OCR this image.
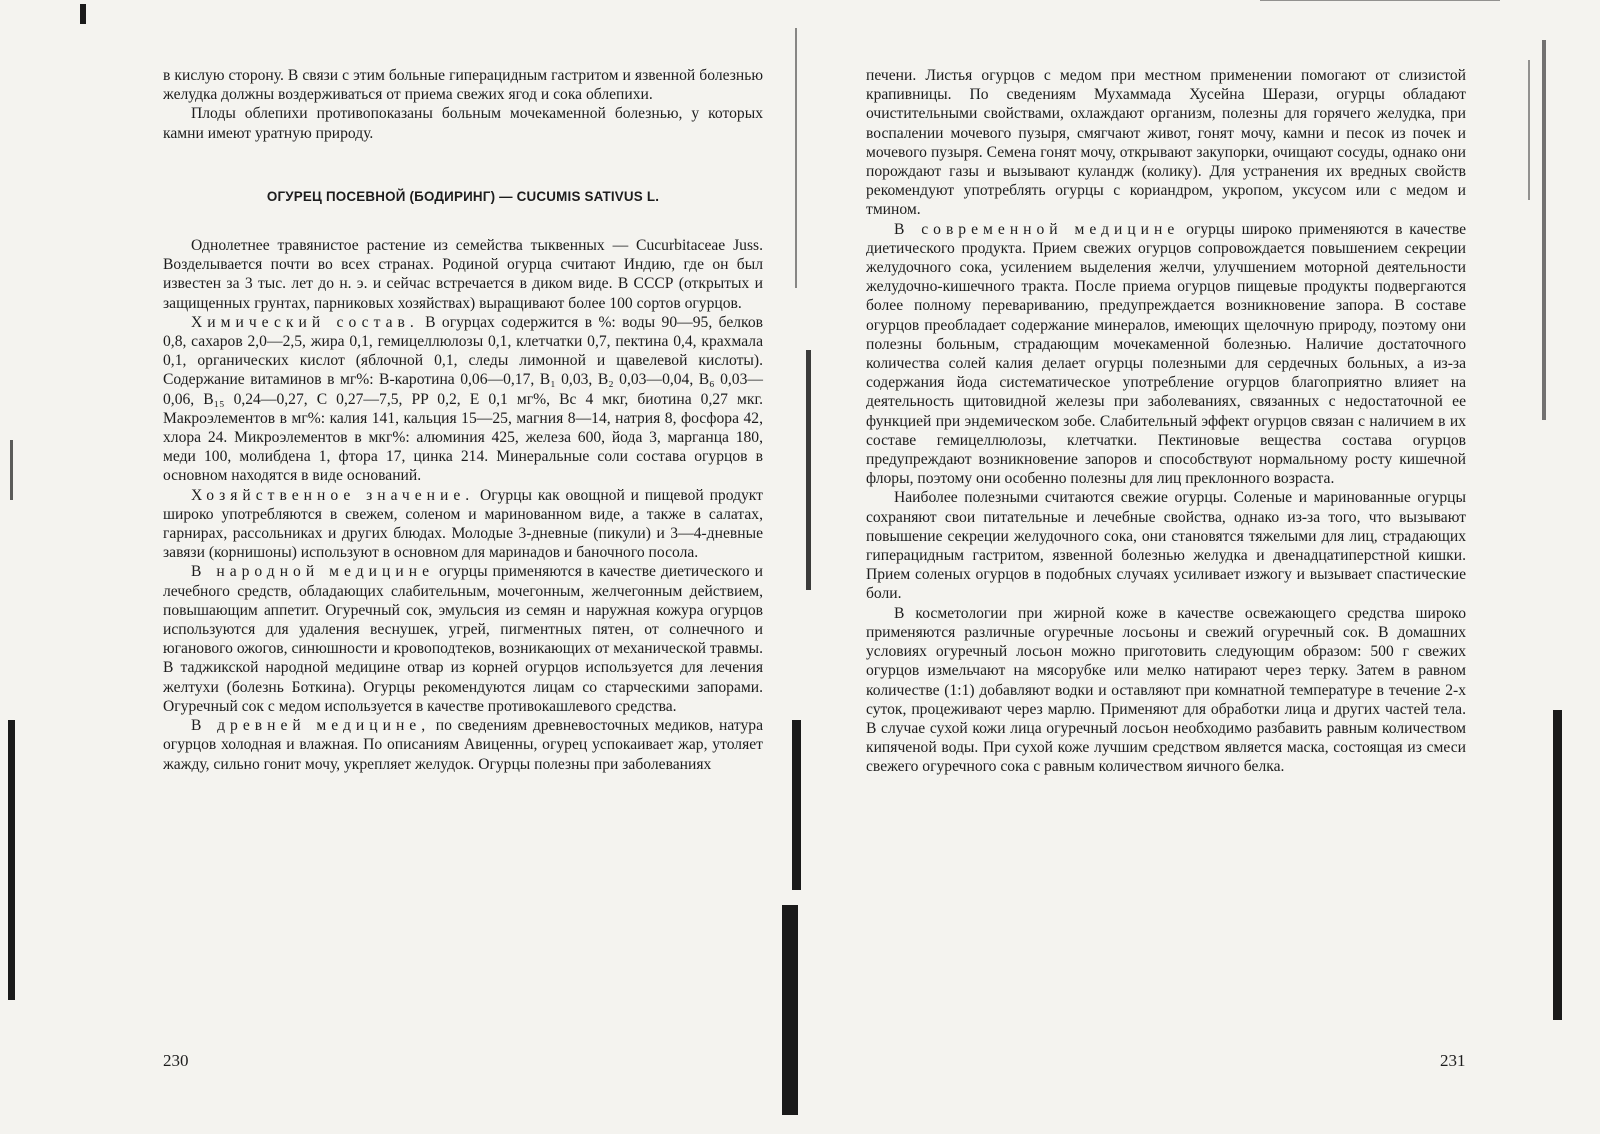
в кислую сторону. В связи с этим больные гиперацидным гастритом и язвенной болезнью желудка должны воздерживаться от приема свежих ягод и сока облепихи.

Плоды облепихи противопоказаны больным мочекаменной болезнью, у которых камни имеют уратную природу.

ОГУРЕЦ ПОСЕВНОЙ (БОДИРИНГ) — CUCUMIS SATIVUS L.

Однолетнее травянистое растение из семейства тыквенных — Cucurbitaceae Juss. Возделывается почти во всех странах. Родиной огурца считают Индию, где он был известен за 3 тыс. лет до н. э. и сейчас встречается в диком виде. В СССР (открытых и защищенных грунтах, парниковых хозяйствах) выращивают более 100 сортов огурцов.

Химический состав. В огурцах содержится в %: воды 90—95, белков 0,8, сахаров 2,0—2,5, жира 0,1, гемицеллюлозы 0,1, клетчатки 0,7, пектина 0,4, крахмала 0,1, органических кислот (яблочной 0,1, следы лимонной и щавелевой кислоты). Содержание витаминов в мг%: В-каротина 0,06—0,17, B₁ 0,03, B₂ 0,03—0,04, B₆ 0,03—0,06, B₁₅ 0,24—0,27, C 0,27—7,5, PP 0,2, E 0,1 мг%, Bc 4 мкг, биотина 0,27 мкг. Макроэлементов в мг%: калия 141, кальция 15—25, магния 8—14, натрия 8, фосфора 42, хлора 24. Микроэлементов в мкг%: алюминия 425, железа 600, йода 3, марганца 180, меди 100, молибдена 1, фтора 17, цинка 214. Минеральные соли состава огурцов в основном находятся в виде оснований.

Хозяйственное значение. Огурцы как овощной и пищевой продукт широко употребляются в свежем, соленом и маринованном виде, а также в салатах, гарнирах, рассольниках и других блюдах. Молодые 3-дневные (пикули) и 3—4-дневные завязи (корнишоны) используют в основном для маринадов и баночного посола.

В народной медицине огурцы применяются в качестве диетического и лечебного средств, обладающих слабительным, мочегонным, желчегонным действием, повышающим аппетит. Огуречный сок, эмульсия из семян и наружная кожура огурцов используются для удаления веснушек, угрей, пигментных пятен, от солнечного и юганового ожогов, синюшности и кровоподтеков, возникающих от механической травмы. В таджикской народной медицине отвар из корней огурцов используется для лечения желтухи (болезнь Боткина). Огурцы рекомендуются лицам со старческими запорами. Огуречный сок с медом используется в качестве противокашлевого средства.

В древней медицине, по сведениям древневосточных медиков, натура огурцов холодная и влажная. По описаниям Авиценны, огурец успокаивает жар, утоляет жажду, сильно гонит мочу, укрепляет желудок. Огурцы полезны при заболеваниях

230

печени. Листья огурцов с медом при местном применении помогают от слизистой крапивницы. По сведениям Мухаммада Хусейна Шерази, огурцы обладают очистительными свойствами, охлаждают организм, полезны для горячего желудка, при воспалении мочевого пузыря, смягчают живот, гонят мочу, камни и песок из почек и мочевого пузыря. Семена гонят мочу, открывают закупорки, очищают сосуды, однако они порождают газы и вызывают куландж (колику). Для устранения их вредных свойств рекомендуют употреблять огурцы с кориандром, укропом, уксусом или с медом и тмином.

В современной медицине огурцы широко применяются в качестве диетического продукта. Прием свежих огурцов сопровождается повышением секреции желудочного сока, усилением выделения желчи, улучшением моторной деятельности желудочно-кишечного тракта. После приема огурцов пищевые продукты подвергаются более полному перевариванию, предупреждается возникновение запора. В составе огурцов преобладает содержание минералов, имеющих щелочную природу, поэтому они полезны больным, страдающим мочекаменной болезнью. Наличие достаточного количества солей калия делает огурцы полезными для сердечных больных, а из-за содержания йода систематическое употребление огурцов благоприятно влияет на деятельность щитовидной железы при заболеваниях, связанных с недостаточной ее функцией при эндемическом зобе. Слабительный эффект огурцов связан с наличием в их составе гемицеллюлозы, клетчатки. Пектиновые вещества состава огурцов предупреждают возникновение запоров и способствуют нормальному росту кишечной флоры, поэтому они особенно полезны для лиц преклонного возраста.

Наиболее полезными считаются свежие огурцы. Соленые и маринованные огурцы сохраняют свои питательные и лечебные свойства, однако из-за того, что вызывают повышение секреции желудочного сока, они становятся тяжелыми для лиц, страдающих гиперацидным гастритом, язвенной болезнью желудка и двенадцатиперстной кишки. Прием соленых огурцов в подобных случаях усиливает изжогу и вызывает спастические боли.

В косметологии при жирной коже в качестве освежающего средства широко применяются различные огуречные лосьоны и свежий огуречный сок. В домашних условиях огуречный лосьон можно приготовить следующим образом: 500 г свежих огурцов измельчают на мясорубке или мелко натирают через терку. Затем в равном количестве (1:1) добавляют водки и оставляют при комнатной температуре в течение 2-х суток, процеживают через марлю. Применяют для обработки лица и других частей тела. В случае сухой кожи лица огуречный лосьон необходимо разбавить равным количеством кипяченой воды. При сухой коже лучшим средством является маска, состоящая из смеси свежего огуречного сока с равным количеством яичного белка.

231
